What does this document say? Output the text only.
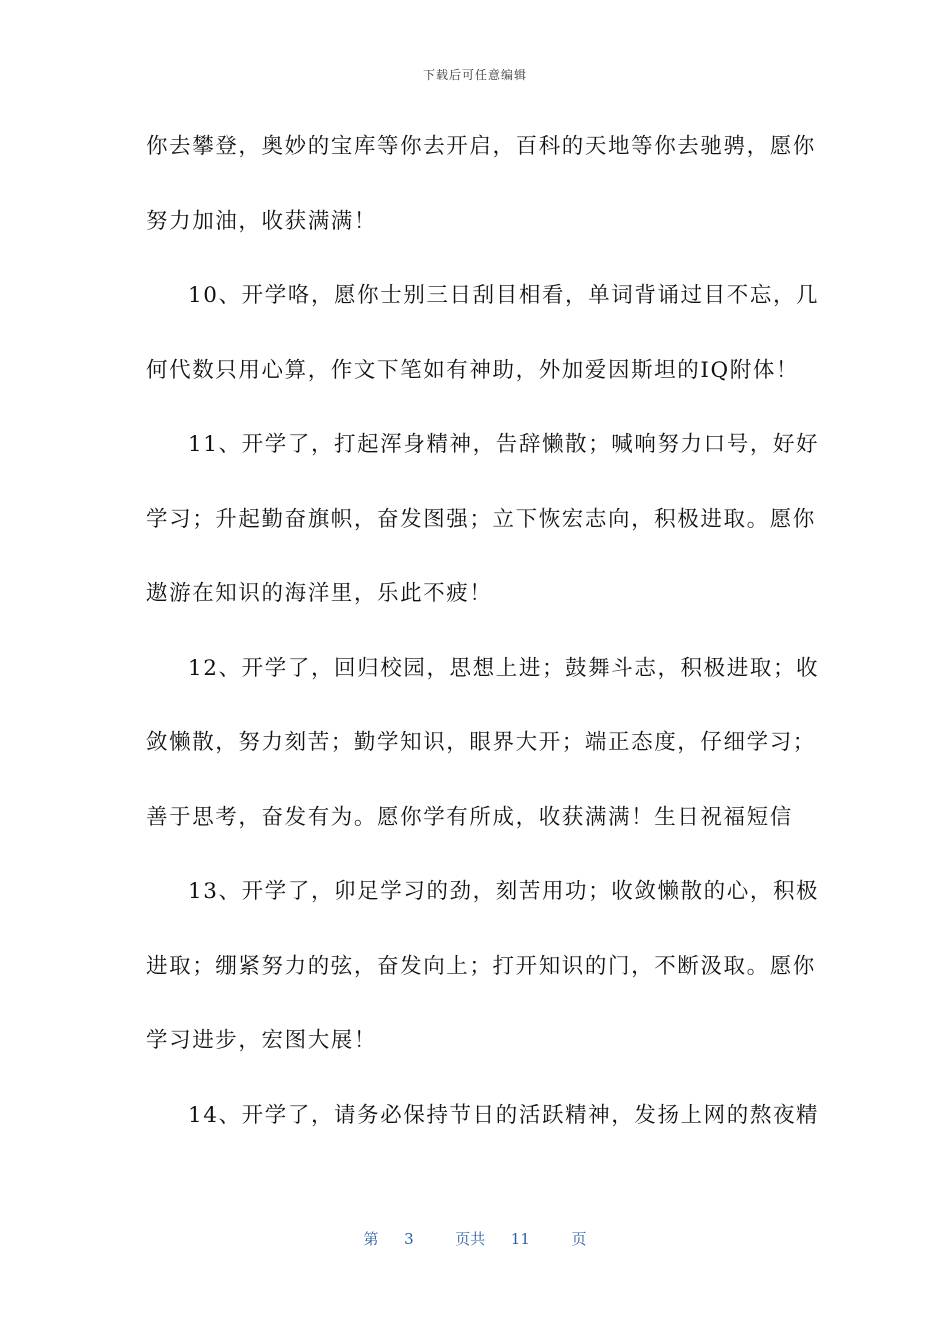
下载后可任意编辑
你去攀登，奥妙的宝库等你去开启，百科的天地等你去驰骋，愿你
努力加油，收获满满！
10、开学咯，愿你士别三日刮目相看，单词背诵过目不忘，几
何代数只用心算，作文下笔如有神助，外加爱因斯坦的IQ附体！
11、开学了，打起浑身精神，告辞懒散；喊响努力口号，好好
学习；升起勤奋旗帜，奋发图强；立下恢宏志向，积极进取。愿你
遨游在知识的海洋里，乐此不疲！
12、开学了，回归校园，思想上进；鼓舞斗志，积极进取；收
敛懒散，努力刻苦；勤学知识，眼界大开；端正态度，仔细学习；
善于思考，奋发有为。愿你学有所成，收获满满！生日祝福短信
13、开学了，卯足学习的劲，刻苦用功；收敛懒散的心，积极
进取；绷紧努力的弦，奋发向上；打开知识的门，不断汲取。愿你
学习进步，宏图大展！
14、开学了，请务必保持节日的活跃精神，发扬上网的熬夜精
第 3	页共 11	页
